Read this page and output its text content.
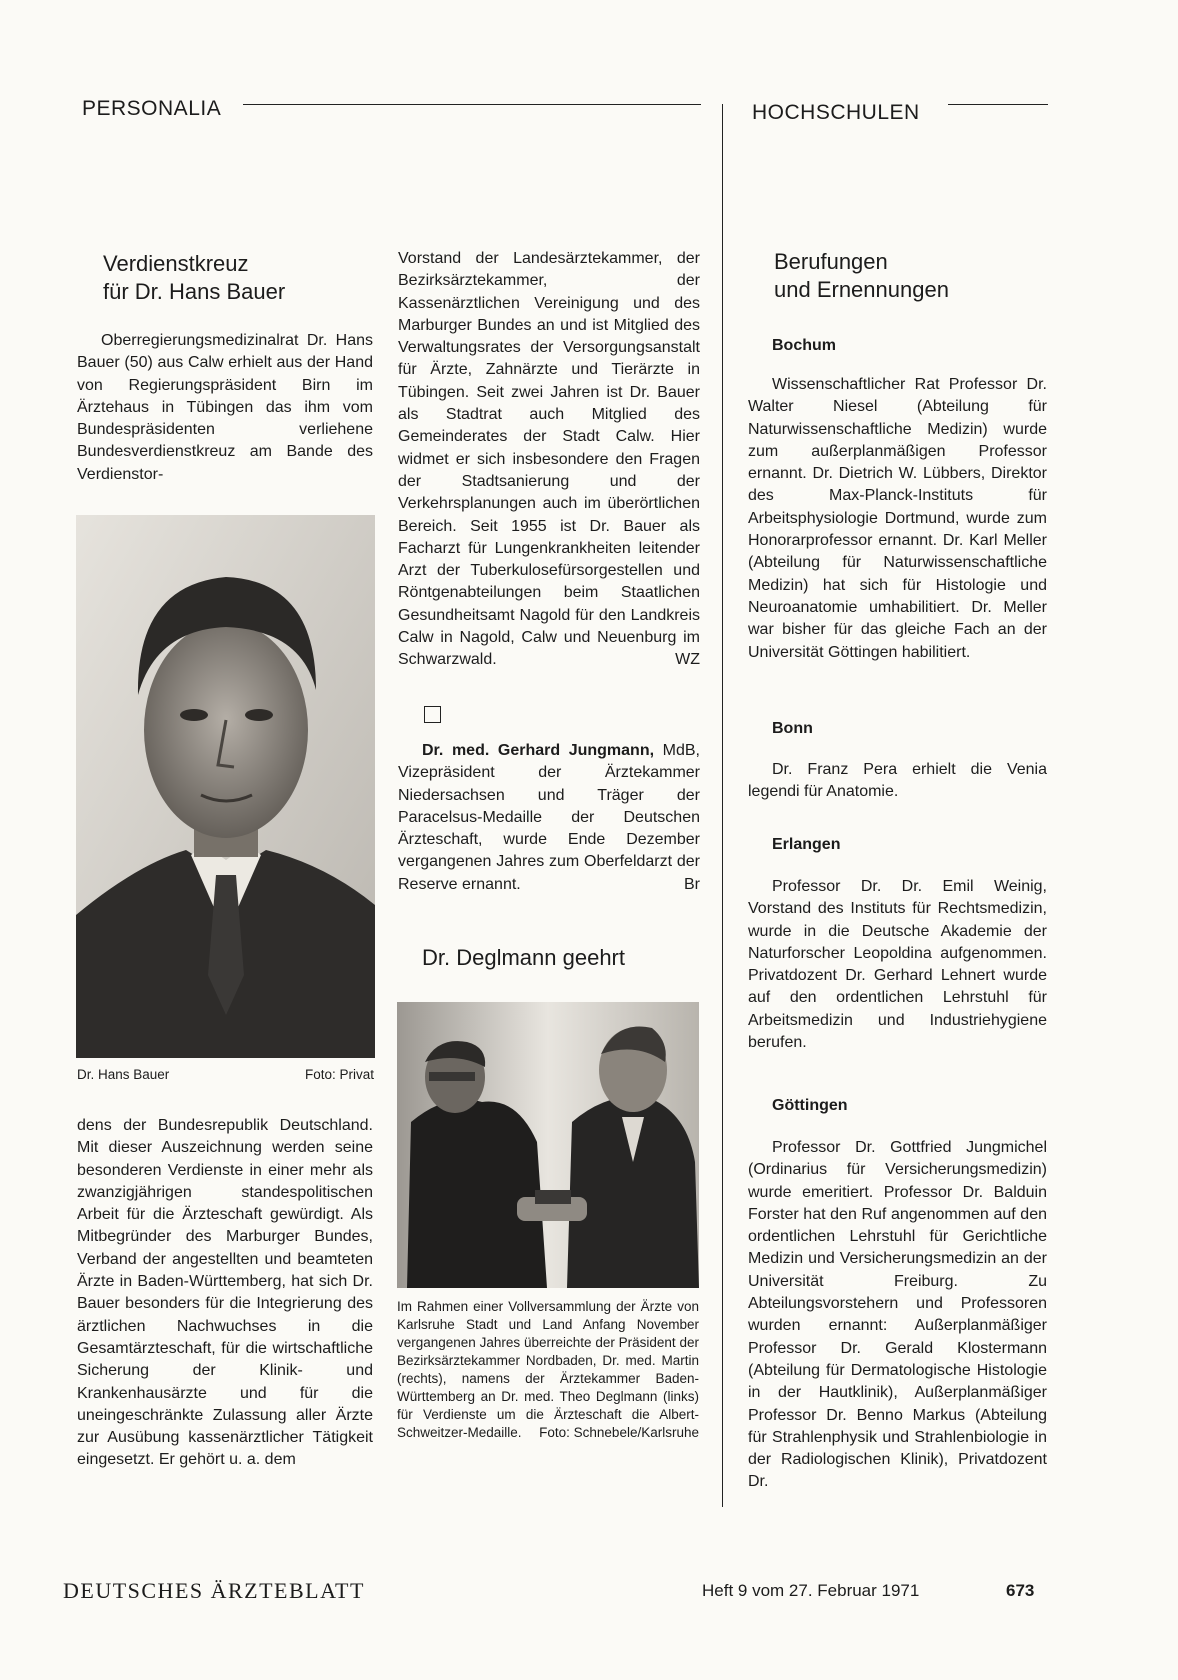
PERSONALIA	HOCHSCHULEN
Verdienstkreuz
für Dr. Hans Bauer

Oberregierungsmedizinalrat Dr. Hans Bauer (50) aus Calw erhielt aus der Hand von Regierungspräsident Birn im Ärztehaus in Tübingen das ihm vom Bundespräsidenten verliehene Bundesverdienstkreuz am Bande des Verdienstor-

Dr. Hans Bauer	Foto: Privat

dens der Bundesrepublik Deutschland. Mit dieser Auszeichnung werden seine besonderen Verdienste in einer mehr als zwanzigjährigen standespolitischen Arbeit für die Ärzteschaft gewürdigt. Als Mitbegründer des Marburger Bundes, Verband der angestellten und beamteten Ärzte in Baden-Württemberg, hat sich Dr. Bauer besonders für die Integrierung des ärztlichen Nachwuchses in die Gesamtärzteschaft, für die wirtschaftliche Sicherung der Klinik- und Krankenhausärzte und für die uneingeschränkte Zulassung aller Ärzte zur Ausübung kassenärztlicher Tätigkeit eingesetzt. Er gehört u. a. dem

Vorstand der Landesärztekammer, der Bezirksärztekammer, der Kassenärztlichen Vereinigung und des Marburger Bundes an und ist Mitglied des Verwaltungsrates der Versorgungsanstalt für Ärzte, Zahnärzte und Tierärzte in Tübingen. Seit zwei Jahren ist Dr. Bauer als Stadtrat auch Mitglied des Gemeinderates der Stadt Calw. Hier widmet er sich insbesondere den Fragen der Stadtsanierung und der Verkehrsplanungen auch im überörtlichen Bereich. Seit 1955 ist Dr. Bauer als Facharzt für Lungenkrankheiten leitender Arzt der Tuberkulosefürsorgestellen und Röntgenabteilungen beim Staatlichen Gesundheitsamt Nagold für den Landkreis Calw in Nagold, Calw und Neuenburg im Schwarzwald.	WZ

Dr. med. Gerhard Jungmann, MdB, Vizepräsident der Ärztekammer Niedersachsen und Träger der Paracelsus-Medaille der Deutschen Ärzteschaft, wurde Ende Dezember vergangenen Jahres zum Oberfeldarzt der Reserve ernannt.	Br

Dr. Deglmann geehrt
Im Rahmen einer Vollversammlung der Ärzte von Karlsruhe Stadt und Land Anfang November vergangenen Jahres überreichte der Präsident der Bezirksärztekammer Nordbaden, Dr. med. Martin (rechts), namens der Ärztekammer Baden-Württemberg an Dr. med. Theo Deglmann (links) für Verdienste um die Ärzteschaft die Albert-Schweitzer-Medaille. Foto: Schnebele/Karlsruhe
Berufungen
und Ernennungen
Bochum

Wissenschaftlicher Rat Professor Dr. Walter Niesel (Abteilung für Naturwissenschaftliche Medizin) wurde zum außerplanmäßigen Professor ernannt. Dr. Dietrich W. Lübbers, Direktor des Max-Planck-Instituts für Arbeitsphysiologie Dortmund, wurde zum Honorarprofessor ernannt. Dr. Karl Meller (Abteilung für Naturwissenschaftliche Medizin) hat sich für Histologie und Neuroanatomie umhabilitiert. Dr. Meller war bisher für das gleiche Fach an der Universität Göttingen habilitiert.

Bonn

Dr. Franz Pera erhielt die Venia legendi für Anatomie.

Erlangen

Professor Dr. Dr. Emil Weinig, Vorstand des Instituts für Rechtsmedizin, wurde in die Deutsche Akademie der Naturforscher Leopoldina aufgenommen. Privatdozent Dr. Gerhard Lehnert wurde auf den ordentlichen Lehrstuhl für Arbeitsmedizin und Industriehygiene berufen.

Göttingen

Professor Dr. Gottfried Jungmichel (Ordinarius für Versicherungsmedizin) wurde emeritiert. Professor Dr. Balduin Forster hat den Ruf angenommen auf den ordentlichen Lehrstuhl für Gerichtliche Medizin und Versicherungsmedizin an der Universität Freiburg. Zu Abteilungsvorstehern und Professoren wurden ernannt: Außerplanmäßiger Professor Dr. Gerald Klostermann (Abteilung für Dermatologische Histologie in der Hautklinik), Außerplanmäßiger Professor Dr. Benno Markus (Abteilung für Strahlenphysik und Strahlenbiologie in der Radiologischen Klinik), Privatdozent Dr.

DEUTSCHES ÄRZTEBLATT	Heft 9 vom 27. Februar 1971	673
